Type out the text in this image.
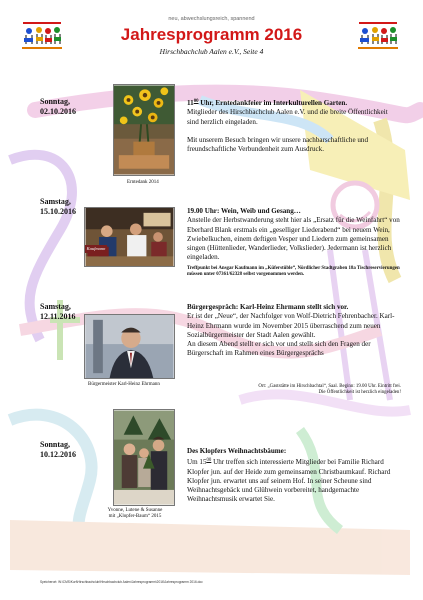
neu, abwechslungsreich, spannend
Jahresprogramm 2016
Hirschbachclub Aalen e.V., Seite 4
Sonntag,
02.10.2016
Erntedank 2014
$11^{00}$ Uhr, Erntedankfeier im Interkulturellen Garten.
Mitglieder des Hirschbachclub Aalen e.V. und die breite Öffentlichkeit sind herzlich eingeladen.
Mit unserem Besuch bringen wir unsere nachbarschaftliche und freundschaftliche Verbundenheit zum Ausdruck.
Samstag,
15.10.2016
Kaufmann
19.00 Uhr: Wein, Weib und Gesang…
Anstelle der Herbstwanderung steht hier als „Ersatz für die Weinfahrt“ von Eberhard Blank erstmals ein „geselliger Liederabend“ bei neuem Wein, Zwiebelkuchen, einem deftigen Vesper und Liedern zum gemeinsamen singen (Hüttenlieder, Wanderlieder, Volkslieder). Jedermann ist herzlich eingeladen.
Treffpunkt bei Ansgar Kaufmann im „Küferstüble“, Nördlicher Stadtgraben 18a Tischreservierungen müssen unter 07361/62328 selbst vorgenommen werden.
Samstag,
12.11.2016
Bürgermeister Karl-Heinz Ehrmann
Bürgergespräch: Karl-Heinz Ehrmann stellt sich vor.
Er ist der „Neue“, der Nachfolger von Wolf-Dietrich Fehrenbacher. Karl-Heinz Ehrmann wurde im November 2015 überraschend zum neuen Sozialbürgermeister der Stadt Aalen gewählt.
An diesem Abend stellt er sich vor und stellt sich den Fragen der Bürgerschaft im Rahmen eines Bürgergesprächs
Ort: „Gaststätte im Hirschbachtal“, Saal. Beginn: 19.00 Uhr. Eintritt frei.
Die Öffentlichkeit ist herzlich eingeladen!
Sonntag,
10.12.2016
Yvonne, Lutene & Susanne
mit „Klopfer-Baum“ 2015
Des Klopfers Weihnachtsbäume:
Um $15^{00}$ Uhr treffen sich interessierte Mitglieder bei Familie Richard Klopfer jun. auf der Heide zum gemeinsamen Christbaumkauf. Richard Klopfer jun. erwartet uns auf seinem Hof. In seiner Scheune sind Weihnachtsgebäck und Glühwein vorbereitet, handgemachte Weihnachtsmusik erwartet Sie.
Speicherort: W:\CMS\Kurt\Hirschbachclub\Hirschbachclub Aalen\Jahresprogramm\2016\Jahresprogramm 2016.doc
